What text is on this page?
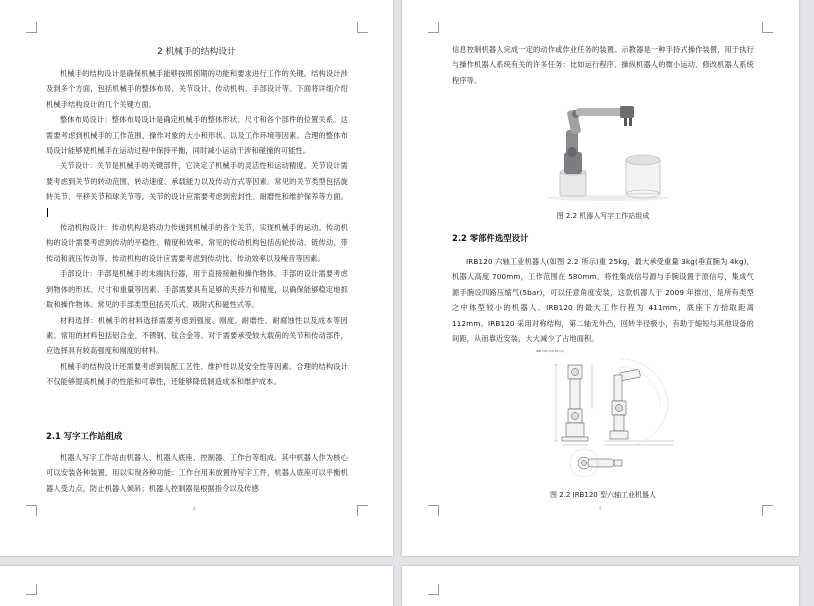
2 机械手的结构设计

机械手的结构设计是确保机械手能够按照预期的功能和要求进行工作的关键。结构设计涉及到多个方面，包括机械手的整体布局、关节设计、传动机构、手部设计等。下面将详细介绍机械手结构设计的几个关键方面。

整体布局设计：整体布局设计是确定机械手的整体形状、尺寸和各个部件的位置关系。这需要考虑到机械手的工作范围、操作对象的大小和形状、以及工作环境等因素。合理的整体布局设计能够使机械手在运动过程中保持平衡，同时减小运动干涉和碰撞的可能性。

关节设计：关节是机械手的关键部件，它决定了机械手的灵活性和运动精度。关节设计需要考虑到关节的转动范围、转动速度、承载能力以及传动方式等因素。常见的关节类型包括旋转关节、平移关节和球关节等。关节的设计应需要考虑到密封性、耐磨性和维护保养等方面。

传动机构设计：传动机构是将动力传递到机械手的各个关节，实现机械手的运动。传动机构的设计需要考虑到传动的平稳性、精度和效率。常见的传动机构包括齿轮传动、链传动、带传动和液压传动等。传动机构的设计应需要考虑到传动比、传动效率以及噪音等因素。

手部设计：手部是机械手的末端执行器，用于直接接触和操作物体。手部的设计需要考虑到物体的形状、尺寸和重量等因素。手部需要具有足够的夹持力和精度，以确保能够稳定地抓取和操作物体。常见的手部类型包括夹爪式、吸附式和磁性式等。

材料选择：机械手的材料选择需要考虑到强度、刚度、耐磨性、耐腐蚀性以及成本等因素。常用的材料包括铝合金、不锈钢、钛合金等。对于需要承受较大载荷的关节和传动部件，应选择具有较高强度和刚度的材料。

机械手的结构设计还需要考虑到装配工艺性、维护性以及安全性等因素。合理的结构设计不仅能够提高机械手的性能和可靠性，还能够降低制造成本和维护成本。

2.1 写字工作站组成

机器人写字工作站由机器人、机器人底座、控制器、工作台等组成。其中机器人作为核心可以安装各种装置，用以实现各种功能：工作台用来放置待写字工件，机器人底座可以平衡机器人受力点，防止机器人倾斜；机器人控制器是根据指令以及传感

4

信息控制机器人完成一定的动作或作业任务的装置。示教器是一种手持式操作装置，用于执行与操作机器人系统有关的许多任务：比如运行程序、操纵机器人的微小运动、修改机器人系统程序等。

图 2.2 机器人写字工作站组成
2.2 零部件选型设计

IRB120 六轴工业机器人(如图 2.2 所示)重 25kg，最大承受重量 3kg(垂直腕为 4kg)，机器人高度 700mm，工作范围在 580mm。将性集成信号源与手腕设置于原信号，集成气源手腕设四路压缩气(5bar)，可以任意角度安装，这款机器人于 2009 年推出，是所有类型之中体型较小的机器人。IRB120 的最大工作行程为 411mm，底座下方拾取距离 112mm。IRB120 采用对称结构，第二轴无外凸，回转半径极小，有助于缩短与其他设备的间距，从而靠近安装，大大减少了占地面积。

IRB 120-3/0.58 (A)
图 2.2 IRB120 型六轴工业机器人
5
